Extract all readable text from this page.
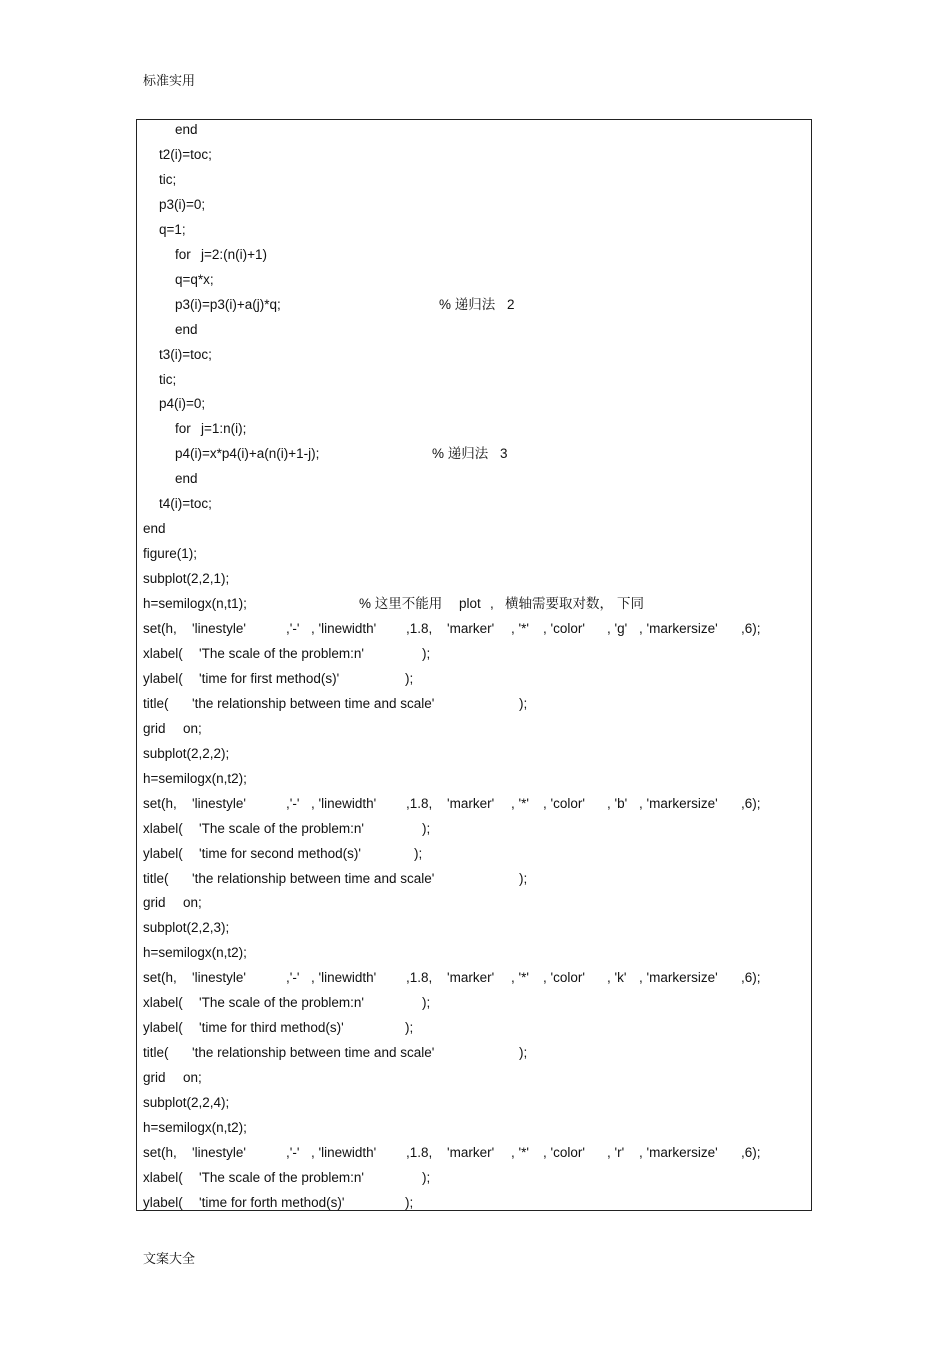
标准实用
end
t2(i)=toc;
tic;
p3(i)=0;
q=1;
for j=2:(n(i)+1)
q=q*x;
p3(i)=p3(i)+a(j)*q;	% 递归法 2
end
t3(i)=toc;
tic;
p4(i)=0;
for j=1:n(i);
p4(i)=x*p4(i)+a(n(i)+1-j);	% 递归法 3
end
t4(i)=toc;
end
figure(1);
subplot(2,2,1);
h=semilogx(n,t1);	% 这里不能用 plot , 横轴需要取对数， 下同
set(h, 'linestyle'	,'-' , 'linewidth' ,1.8, 'marker' , '*' , 'color' , 'g' , 'markersize' ,6);
xlabel( 'The scale of the problem:n'	);
ylabel( 'time for first method(s)'	);
title( 'the relationship between time and scale'	);
grid on;
subplot(2,2,2);
h=semilogx(n,t2);
set(h, 'linestyle'	,'-' , 'linewidth' ,1.8, 'marker' , '*' , 'color' , 'b' , 'markersize' ,6);
xlabel( 'The scale of the problem:n'	);
ylabel( 'time for second method(s)'	);
title( 'the relationship between time and scale'	);
grid on;
subplot(2,2,3);
h=semilogx(n,t2);
set(h, 'linestyle'	,'-' , 'linewidth' ,1.8, 'marker' , '*' , 'color' , 'k' , 'markersize' ,6);
xlabel( 'The scale of the problem:n'	);
ylabel( 'time for third method(s)'	);
title( 'the relationship between time and scale'	);
grid on;
subplot(2,2,4);
h=semilogx(n,t2);
set(h, 'linestyle'	,'-' , 'linewidth' ,1.8, 'marker' , '*' , 'color' , 'r' , 'markersize' ,6);
xlabel( 'The scale of the problem:n'	);
ylabel( 'time for forth method(s)'	);
文案大全
